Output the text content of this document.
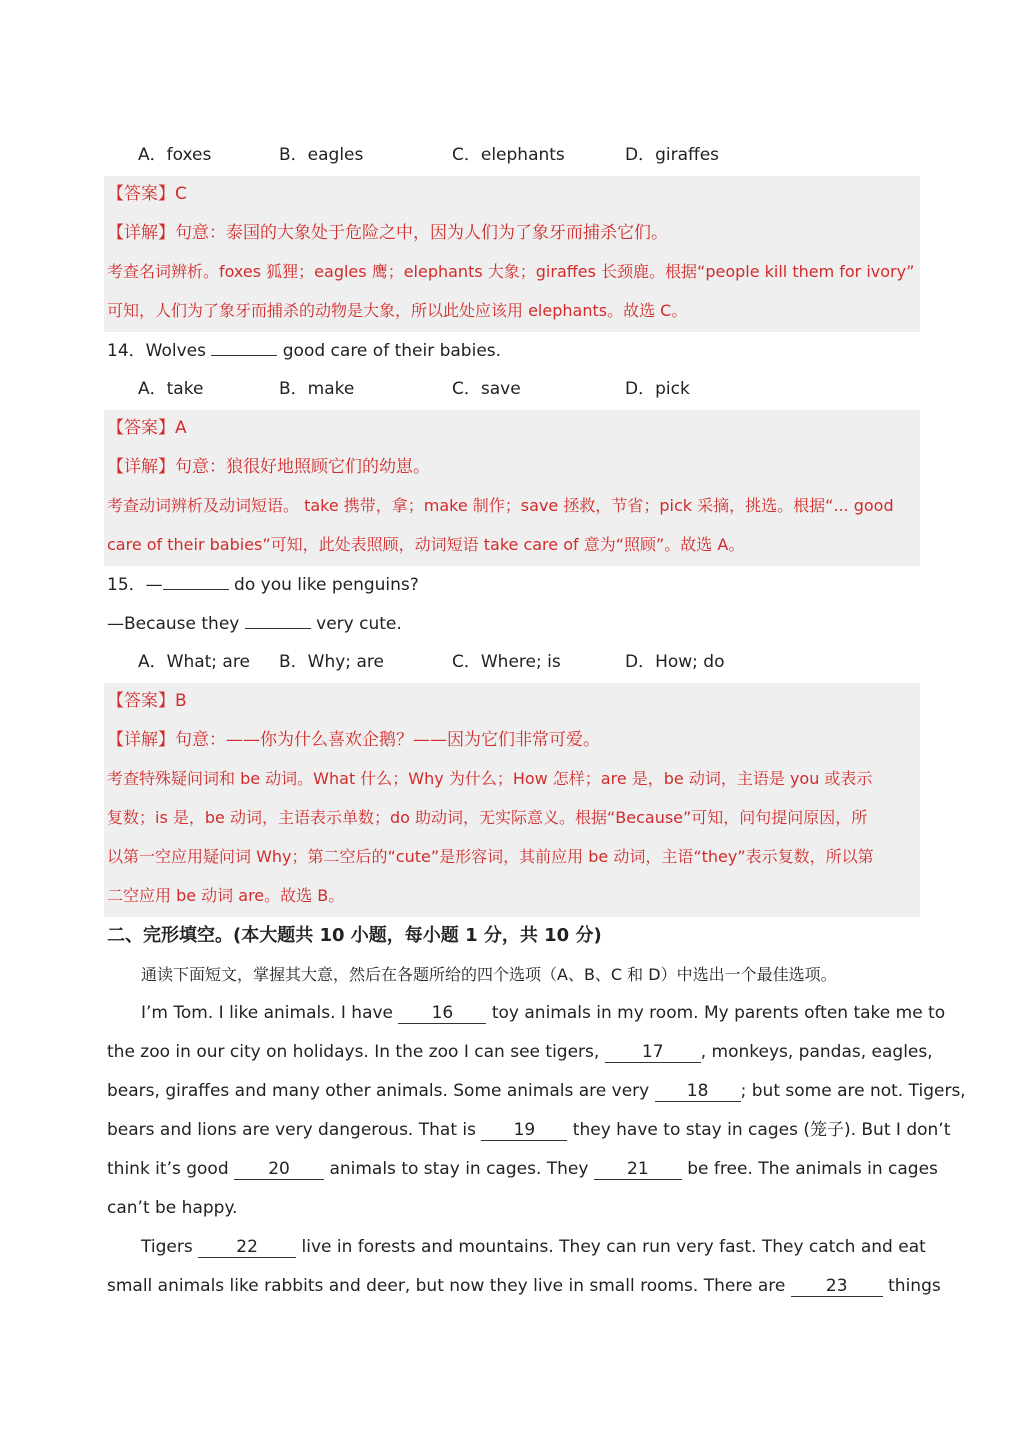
A．foxes	B．eagles	C．elephants	D．giraffes
【答案】C
【详解】句意：泰国的大象处于危险之中，因为人们为了象牙而捕杀它们。
考查名词辨析。foxes 狐狸；eagles 鹰；elephants 大象；giraffes 长颈鹿。根据“people kill them for ivory”
可知，人们为了象牙而捕杀的动物是大象，所以此处应该用 elephants。故选 C。
14．Wolves	good care of their babies.
A．take	B．make	C．save	D．pick
【答案】A
【详解】句意：狼很好地照顾它们的幼崽。
考查动词辨析及动词短语。 take 携带，拿；make 制作；save 拯救，节省；pick 采摘，挑选。根据“... good
care of their babies”可知，此处表照顾，动词短语 take care of 意为“照顾”。故选 A。
15．—	do you like penguins?
—Because they	very cute.
A．What; are B．Why; are	C．Where; is	D．How; do
【答案】B
【详解】句意：——你为什么喜欢企鹅？——因为它们非常可爱。
考查特殊疑问词和 be 动词。What 什么；Why 为什么；How 怎样；are 是，be 动词，主语是 you 或表示
复数；is 是，be 动词，主语表示单数；do 助动词，无实际意义。根据“Because”可知，问句提问原因，所
以第一空应用疑问词 Why；第二空后的“cute”是形容词，其前应用 be 动词，主语“they”表示复数，所以第
二空应用 be 动词 are。故选 B。
二、完形填空。(本大题共 10 小题，每小题 1 分，共 10 分)
通读下面短文，掌握其大意，然后在各题所给的四个选项（A、B、C 和 D）中选出一个最佳选项。
I’m Tom. I like animals. I have 16 toy animals in my room. My parents often take me to
the zoo in our city on holidays. In the zoo I can see tigers,	17 , monkeys, pandas, eagles,
bears, giraffes and many other animals. Some animals are very 18 ; but some are not. Tigers,
bears and lions are very dangerous. That is 19 they have to stay in cages (笼子). But I don’t
think it’s good 20 animals to stay in cages. They 21 be free. The animals in cages
can’t be happy.
Tigers	22	live in forests and mountains. They can run very fast. They catch and eat
small animals like rabbits and deer, but now they live in small rooms. There are 23 things
